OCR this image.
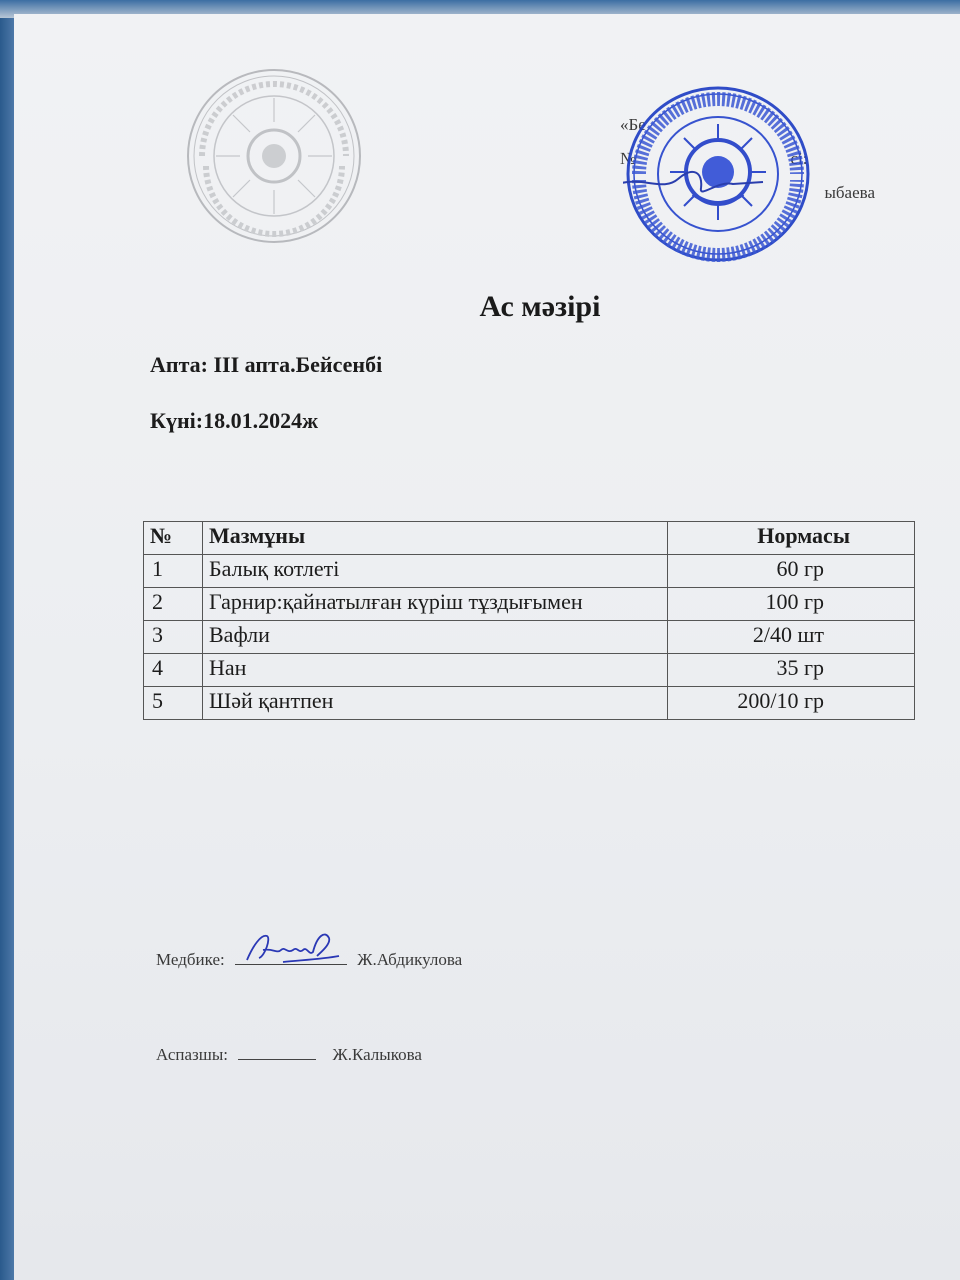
«Бе
№	сі:
ыбаева
Ас мәзірі
Апта: ІІІ апта.Бейсенбі
Күні:18.01.2024ж
№	Мазмұны	Нормасы
1	Балық котлеті	60 гр
2	Гарнир:қайнатылған күріш тұздығымен	100 гр
3	Вафли	2/40 шт
4	Нан	35 гр
5	Шәй қантпен	200/10 гр
Медбике:	Ж.Абдикулова
Аспазшы:	Ж.Калыкова
